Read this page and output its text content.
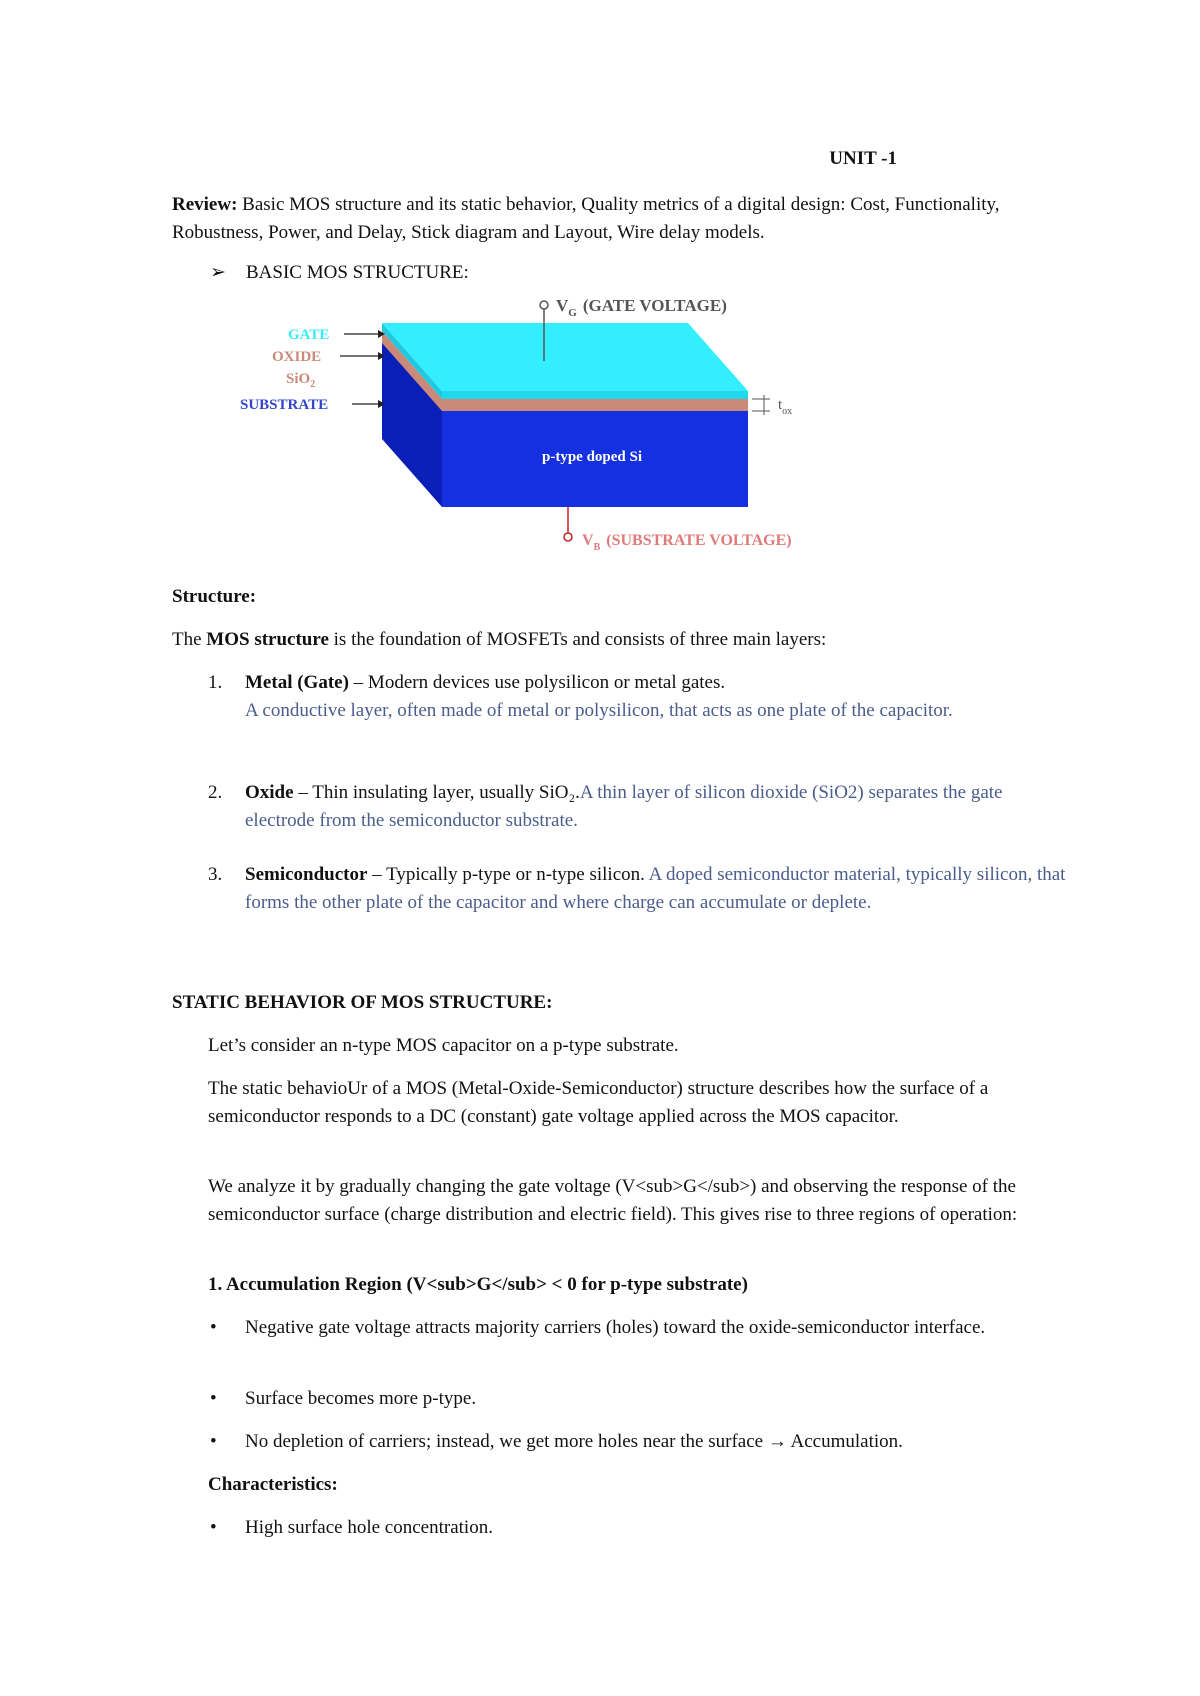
UNIT -1
Review: Basic MOS structure and its static behavior, Quality metrics of a digital design: Cost, Functionality, Robustness, Power, and Delay, Stick diagram and Layout, Wire delay models.
➢ BASIC MOS STRUCTURE:
$V_G$ (GATE VOLTAGE)
GATE
OXIDE
SiO$_2$
SUBSTRATE	$t_{ox}$
p-type doped Si
$V_B$ (SUBSTRATE VOLTAGE)
Structure:
The MOS structure is the foundation of MOSFETs and consists of three main layers:
1. Metal (Gate) – Modern devices use polysilicon or metal gates.
A conductive layer, often made of metal or polysilicon, that acts as one plate of the capacitor.
2. Oxide – Thin insulating layer, usually SiO₂.A thin layer of silicon dioxide (SiO2) separates the gate electrode from the semiconductor substrate.
3. Semiconductor – Typically p-type or n-type silicon. A doped semiconductor material, typically silicon, that forms the other plate of the capacitor and where charge can accumulate or deplete.
STATIC BEHAVIOR OF MOS STRUCTURE:
Let’s consider an n-type MOS capacitor on a p-type substrate.
The static behavioUr of a MOS (Metal-Oxide-Semiconductor) structure describes how the surface of a semiconductor responds to a DC (constant) gate voltage applied across the MOS capacitor.
We analyze it by gradually changing the gate voltage (V<sub>G</sub>) and observing the response of the semiconductor surface (charge distribution and electric field). This gives rise to three regions of operation:
1. Accumulation Region (V<sub>G</sub> < 0 for p-type substrate)
• Negative gate voltage attracts majority carriers (holes) toward the oxide-semiconductor interface.
• Surface becomes more p-type.
• No depletion of carriers; instead, we get more holes near the surface → Accumulation.
Characteristics:
• High surface hole concentration.
